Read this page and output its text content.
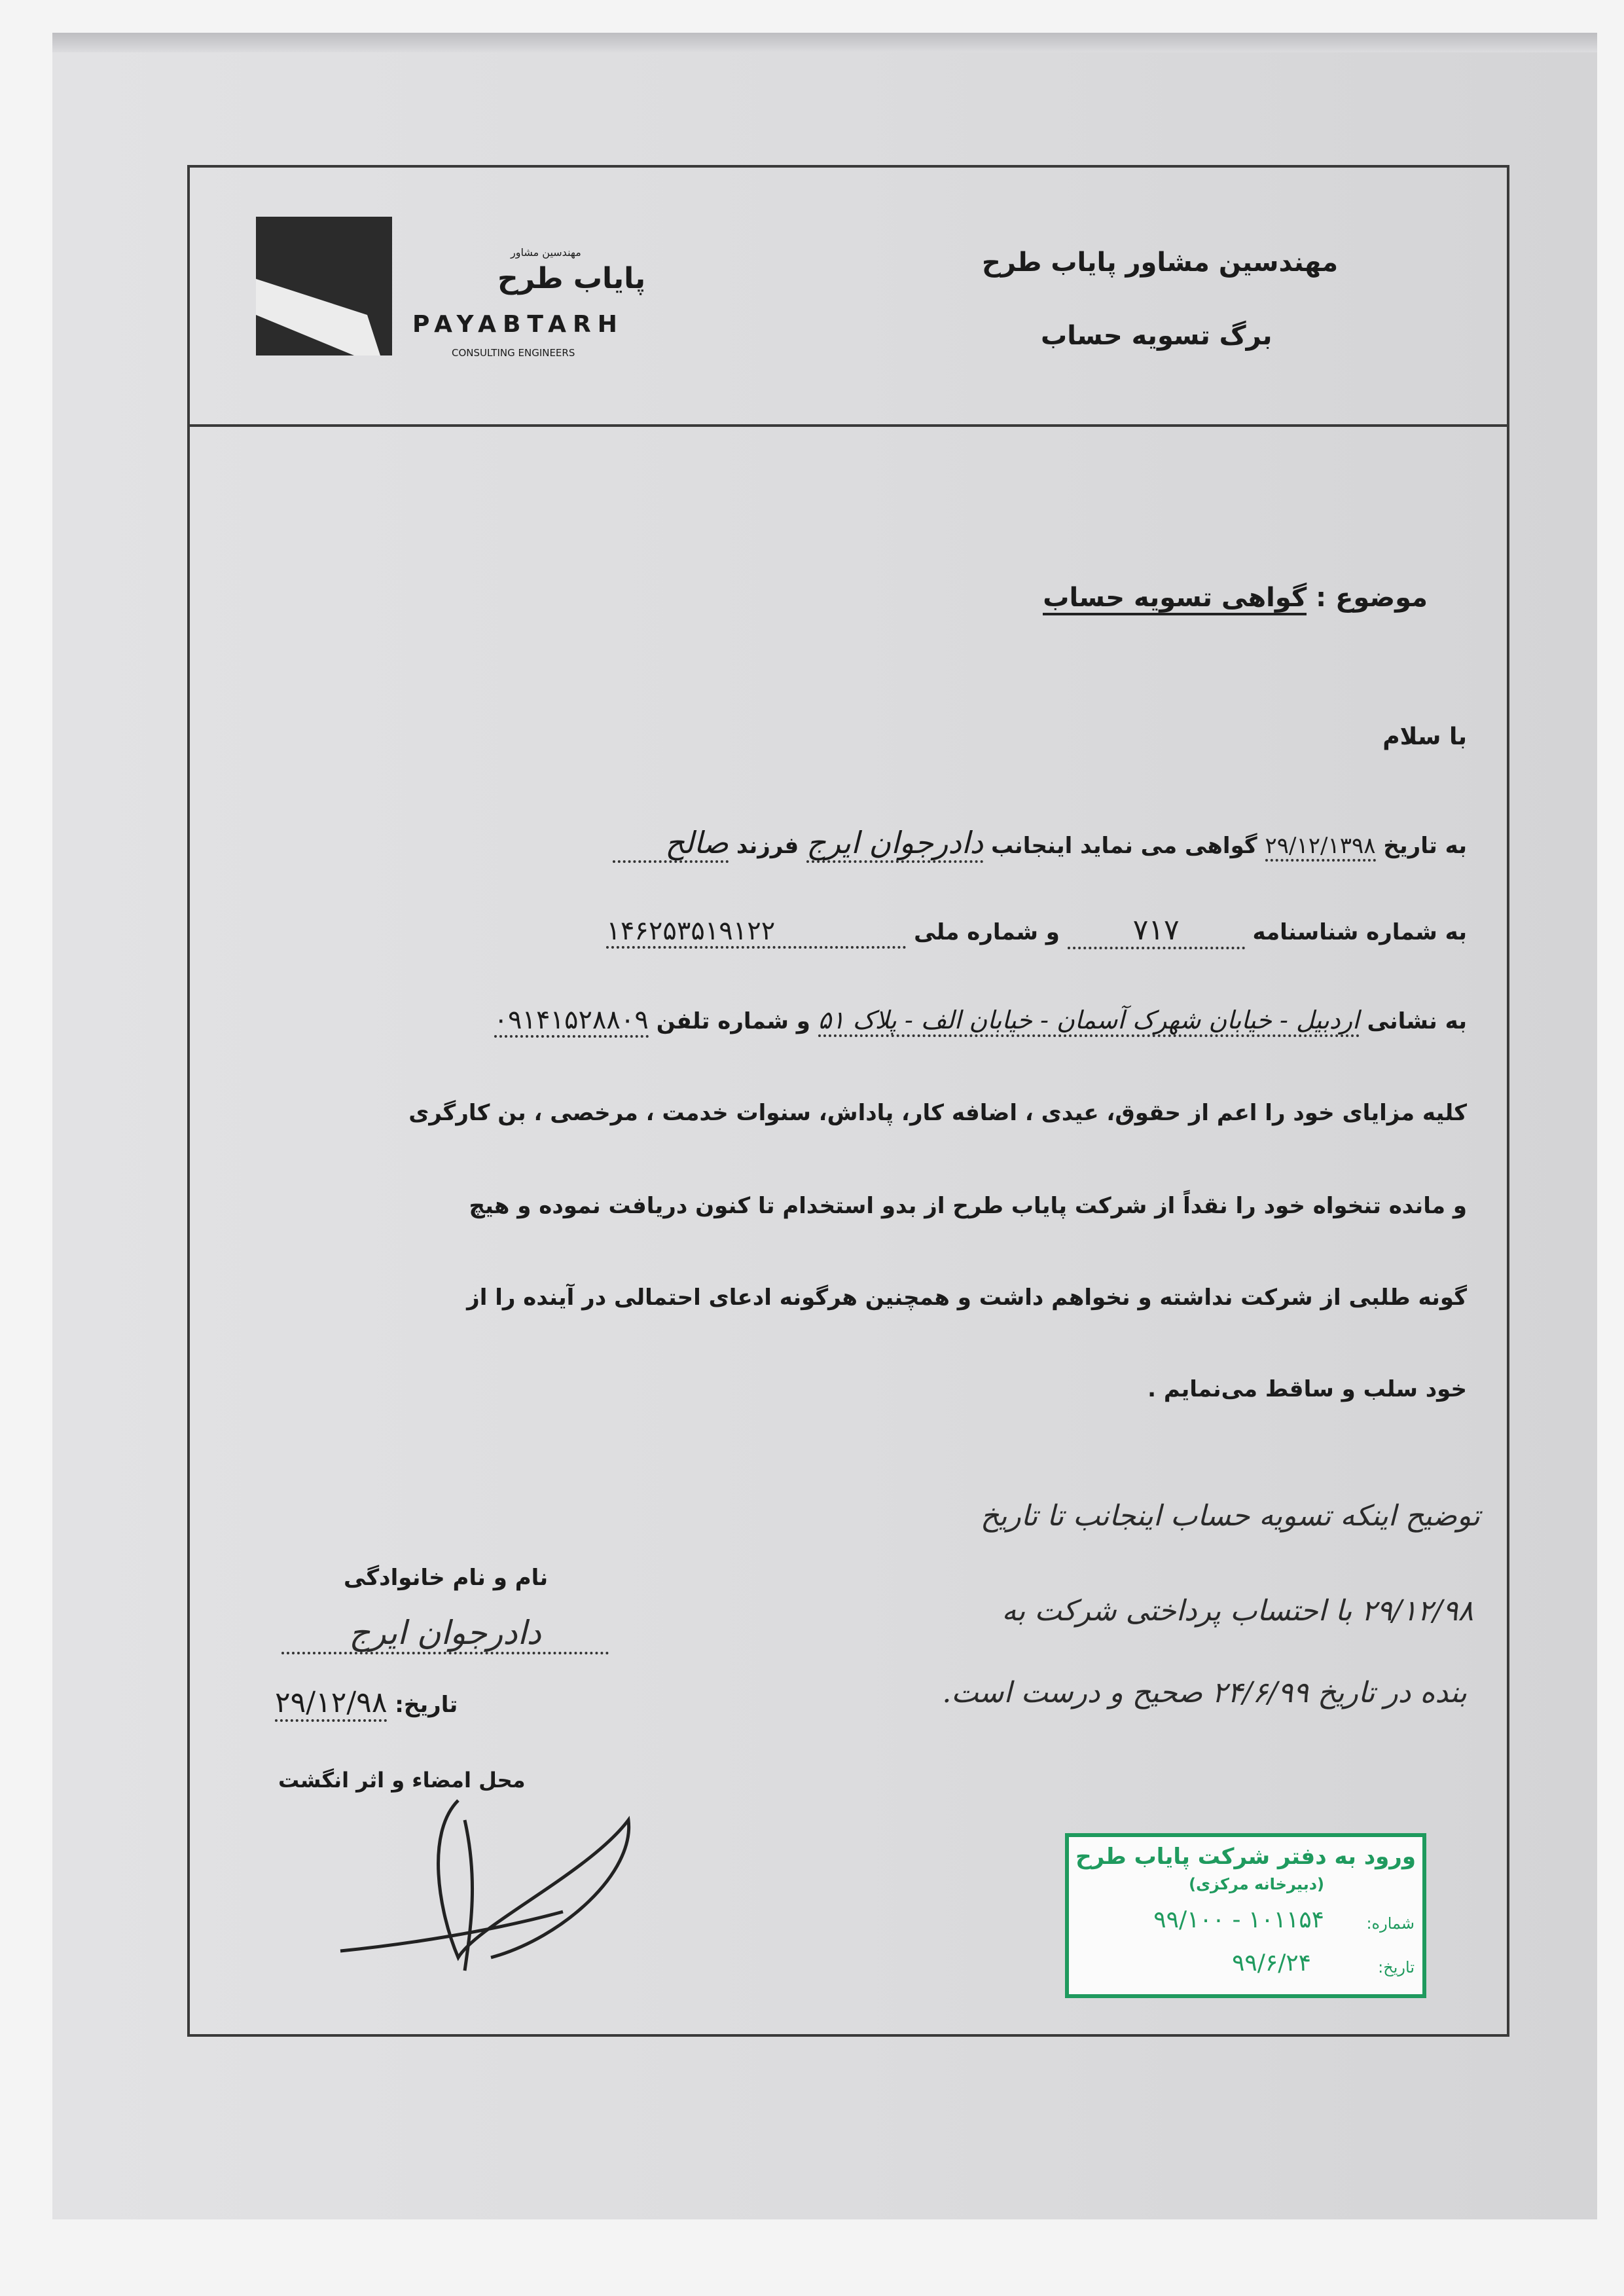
مهندسین مشاور
پایاب طرح
PAYABTARH
CONSULTING ENGINEERS
مهندسین مشاور پایاب طرح
برگ تسویه حساب
موضوع : گواهی تسویه حساب
با سلام
به تاریخ ۲۹/۱۲/۱۳۹۸ گواهی می نماید اینجانب دادرجوان ایرج فرزند صالح
به شماره شناسنامه ۷۱۷ و شماره ملی ۱۴۶۲۵۳۵۱۹۱۲۲
به نشانی اردبیل - خیابان شهرک آسمان - خیابان الف - پلاک ۵۱ و شماره تلفن ۰۹۱۴۱۵۲۸۸۰۹
کلیه مزایای خود را اعم از حقوق، عیدی ، اضافه کار، پاداش، سنوات خدمت ، مرخصی ، بن کارگری
و مانده تنخواه خود را نقداً از شرکت پایاب طرح از بدو استخدام تا کنون دریافت نموده و هیچ
گونه طلبی از شرکت نداشته و نخواهم داشت و همچنین هرگونه ادعای احتمالی در آینده را از
خود سلب و ساقط می‌نمایم .
توضیح اینکه تسویه حساب اینجانب تا تاریخ
۲۹/۱۲/۹۸ با احتساب پرداختی شرکت به
بنده در تاریخ ۲۴/۶/۹۹ صحیح و درست است.
نام و نام خانوادگی
دادرجوان ایرج
تاریخ: ۲۹/۱۲/۹۸
محل امضاء و اثر انگشت
ورود به دفتر شرکت پایاب طرح
(دبیرخانه مرکزی)
شماره:
۱۰۱۱۵۴ - ۹۹/۱۰۰
تاریخ:
۹۹/۶/۲۴
